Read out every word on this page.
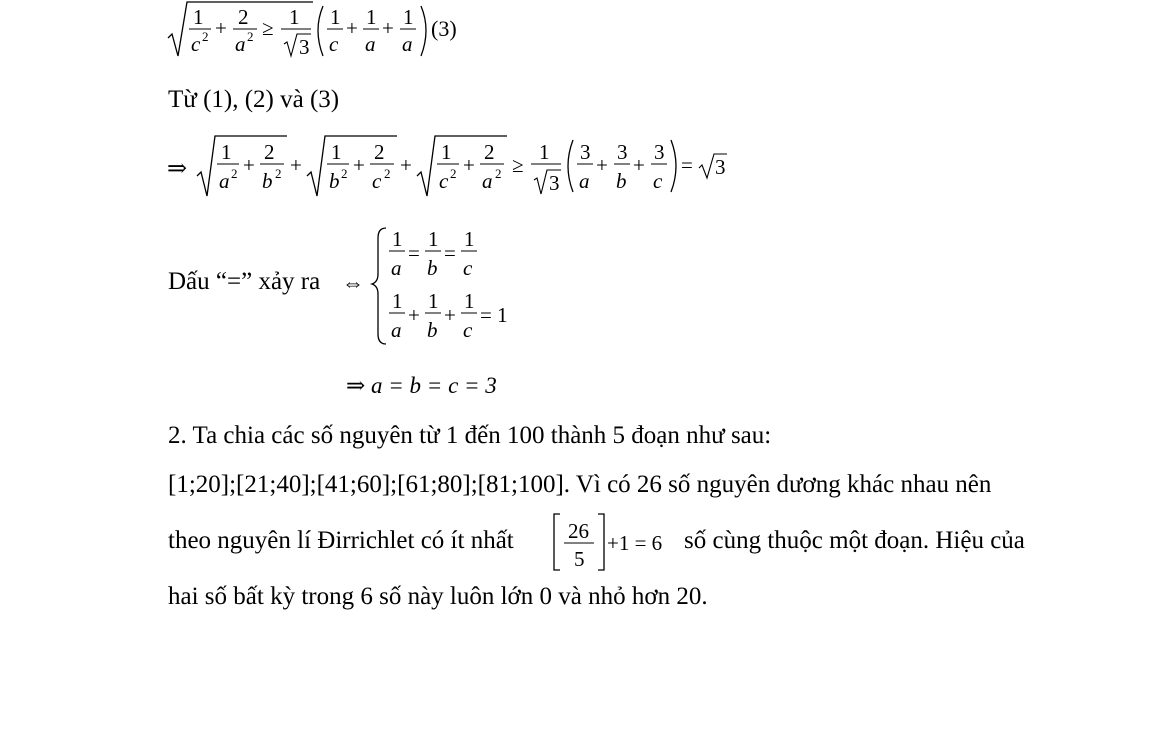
1
c 2 + 2
a 2 ≥ 1
3
1
c
+ 1
a
+ 1
a
(3)
Từ (1), (2) và (3)
⇒
1
a 2 +
2
b 2 +
1
b 2 +
2
c 2 +
1
c 2 +
2
a 2 ≥
1
3
3
a
+
3
b
+
3
c
= 3
Dấu “=” xảy ra ⇔
1
a
=
1
b
=
1
c
1
a
+
1
b
+
1
c
= 1
⇒ a = b = c = 3
2. Ta chia các số nguyên từ 1 đến 100 thành 5 đoạn như sau:
[1;20];[21;40];[41;60];[61;80];[81;100]. Vì có 26 số nguyên dương khác nhau nên
theo nguyên lí Đirrichlet có ít nhất	26
5
+1 = 6 số cùng thuộc một đoạn. Hiệu của
hai số bất kỳ trong 6 số này luôn lớn 0 và nhỏ hơn 20.
